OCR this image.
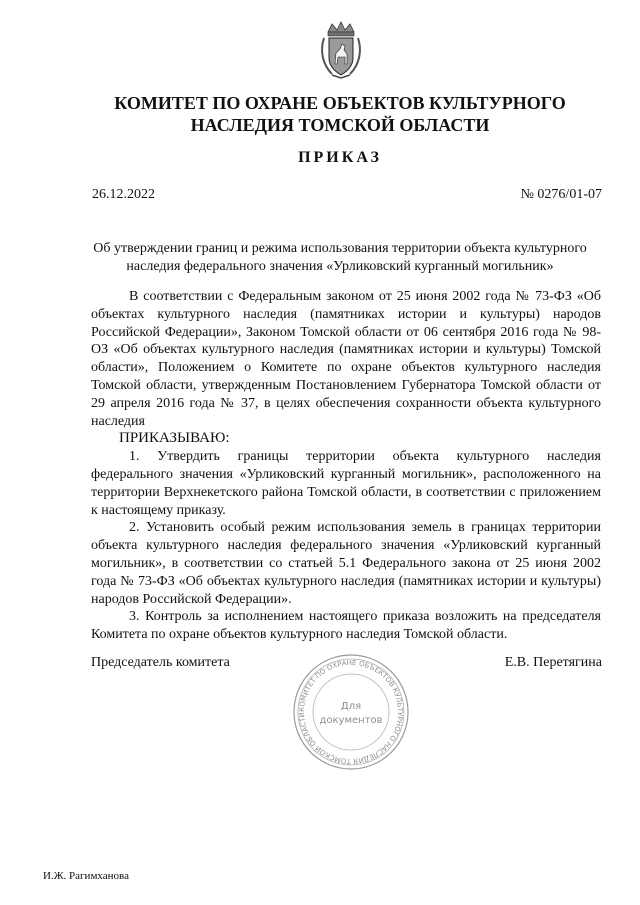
КОМИТЕТ ПО ОХРАНЕ ОБЪЕКТОВ КУЛЬТУРНОГО
НАСЛЕДИЯ ТОМСКОЙ ОБЛАСТИ
ПРИКАЗ
26.12.2022	№ 0276/01-07
Об утверждении границ и режима использования территории объекта культурного
наследия федерального значения «Урликовский курганный могильник»

В соответствии с Федеральным законом от 25 июня 2002 года № 73-ФЗ «Об объектах культурного наследия (памятниках истории и культуры) народов Российской Федерации», Законом Томской области от 06 сентября 2016 года № 98-ОЗ «Об объектах культурного наследия (памятниках истории и культуры) Томской области», Положением о Комитете по охране объектов культурного наследия Томской области, утвержденным Постановлением Губернатора Томской области от 29 апреля 2016 года № 37, в целях обеспечения сохранности объекта культурного наследия

ПРИКАЗЫВАЮ:

1. Утвердить границы территории объекта культурного наследия федерального значения «Урликовский курганный могильник», расположенного на территории Верхнекетского района Томской области, в соответствии с приложением к настоящему приказу.

2. Установить особый режим использования земель в границах территории объекта культурного наследия федерального значения «Урликовский курганный могильник», в соответствии со статьей 5.1 Федерального закона от 25 июня 2002 года № 73-ФЗ «Об объектах культурного наследия (памятниках истории и культуры) народов Российской Федерации».

3. Контроль за исполнением настоящего приказа возложить на председателя Комитета по охране объектов культурного наследия Томской области.

Председатель комитета	Е.В. Перетягина
КОМИТЕТ ПО ОХРАНЕ ОБЪЕКТОВ КУЛЬТУРНОГО НАСЛЕДИЯ ТОМСКОЙ ОБЛАСТИ
Для
документов
И.Ж. Рагимханова
